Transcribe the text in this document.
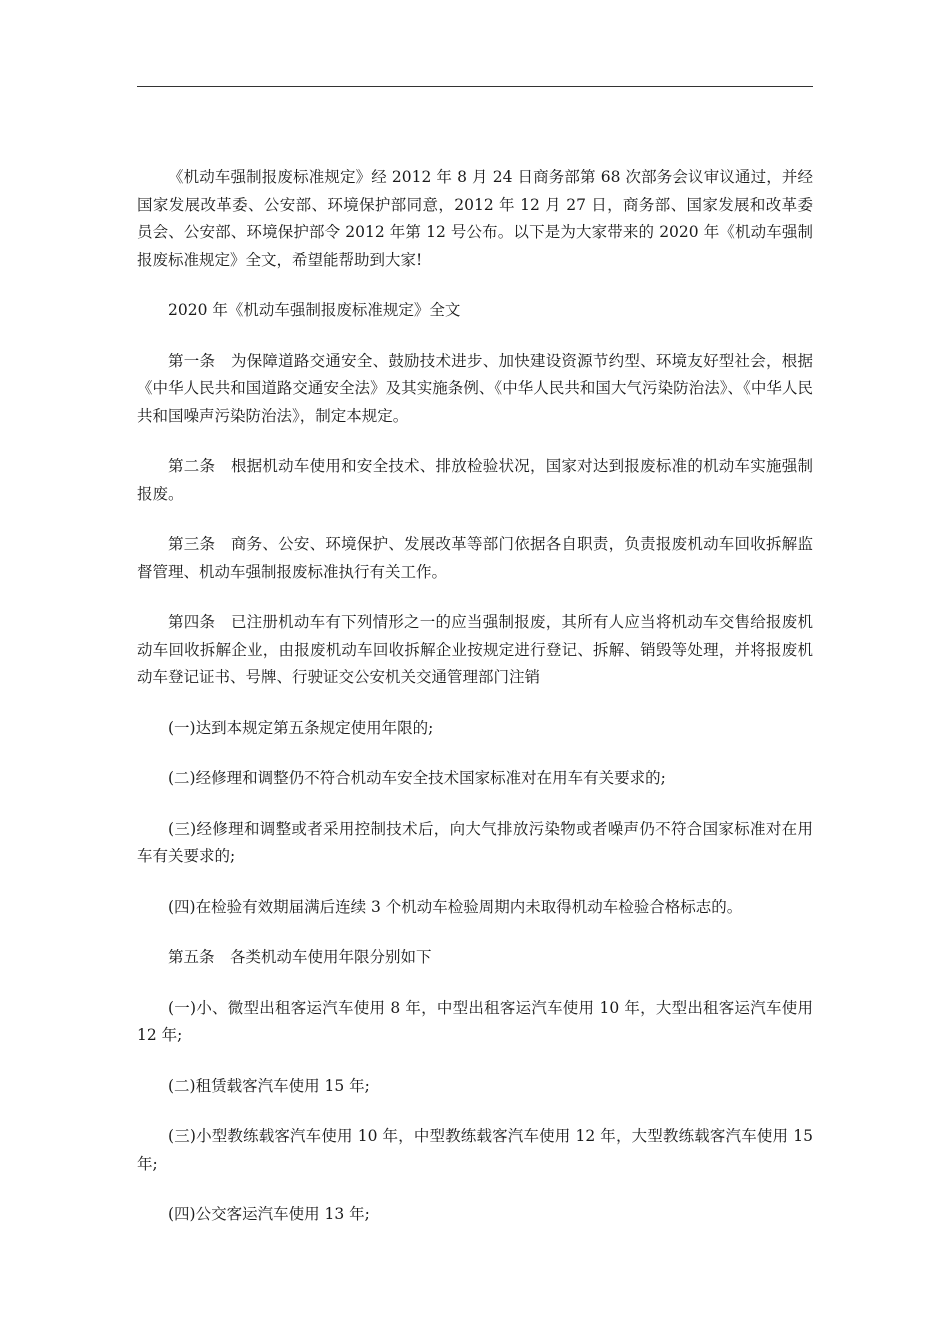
《机动车强制报废标准规定》经 2012 年 8 月 24 日商务部第 68 次部务会议审议通过，并经国家发展改革委、公安部、环境保护部同意，2012 年 12 月 27 日，商务部、国家发展和改革委员会、公安部、环境保护部令 2012 年第 12 号公布。以下是为大家带来的 2020 年《机动车强制报废标准规定》全文，希望能帮助到大家!

2020 年《机动车强制报废标准规定》全文

第一条　为保障道路交通安全、鼓励技术进步、加快建设资源节约型、环境友好型社会，根据《中华人民共和国道路交通安全法》及其实施条例、《中华人民共和国大气污染防治法》、《中华人民共和国噪声污染防治法》，制定本规定。

第二条　根据机动车使用和安全技术、排放检验状况，国家对达到报废标准的机动车实施强制报废。

第三条　商务、公安、环境保护、发展改革等部门依据各自职责，负责报废机动车回收拆解监督管理、机动车强制报废标准执行有关工作。

第四条　已注册机动车有下列情形之一的应当强制报废，其所有人应当将机动车交售给报废机动车回收拆解企业，由报废机动车回收拆解企业按规定进行登记、拆解、销毁等处理，并将报废机动车登记证书、号牌、行驶证交公安机关交通管理部门注销

(一)达到本规定第五条规定使用年限的;

(二)经修理和调整仍不符合机动车安全技术国家标准对在用车有关要求的;

(三)经修理和调整或者采用控制技术后，向大气排放污染物或者噪声仍不符合国家标准对在用车有关要求的;

(四)在检验有效期届满后连续 3 个机动车检验周期内未取得机动车检验合格标志的。

第五条　各类机动车使用年限分别如下

(一)小、微型出租客运汽车使用 8 年，中型出租客运汽车使用 10 年，大型出租客运汽车使用 12 年;

(二)租赁载客汽车使用 15 年;

(三)小型教练载客汽车使用 10 年，中型教练载客汽车使用 12 年，大型教练载客汽车使用 15 年;

(四)公交客运汽车使用 13 年;
